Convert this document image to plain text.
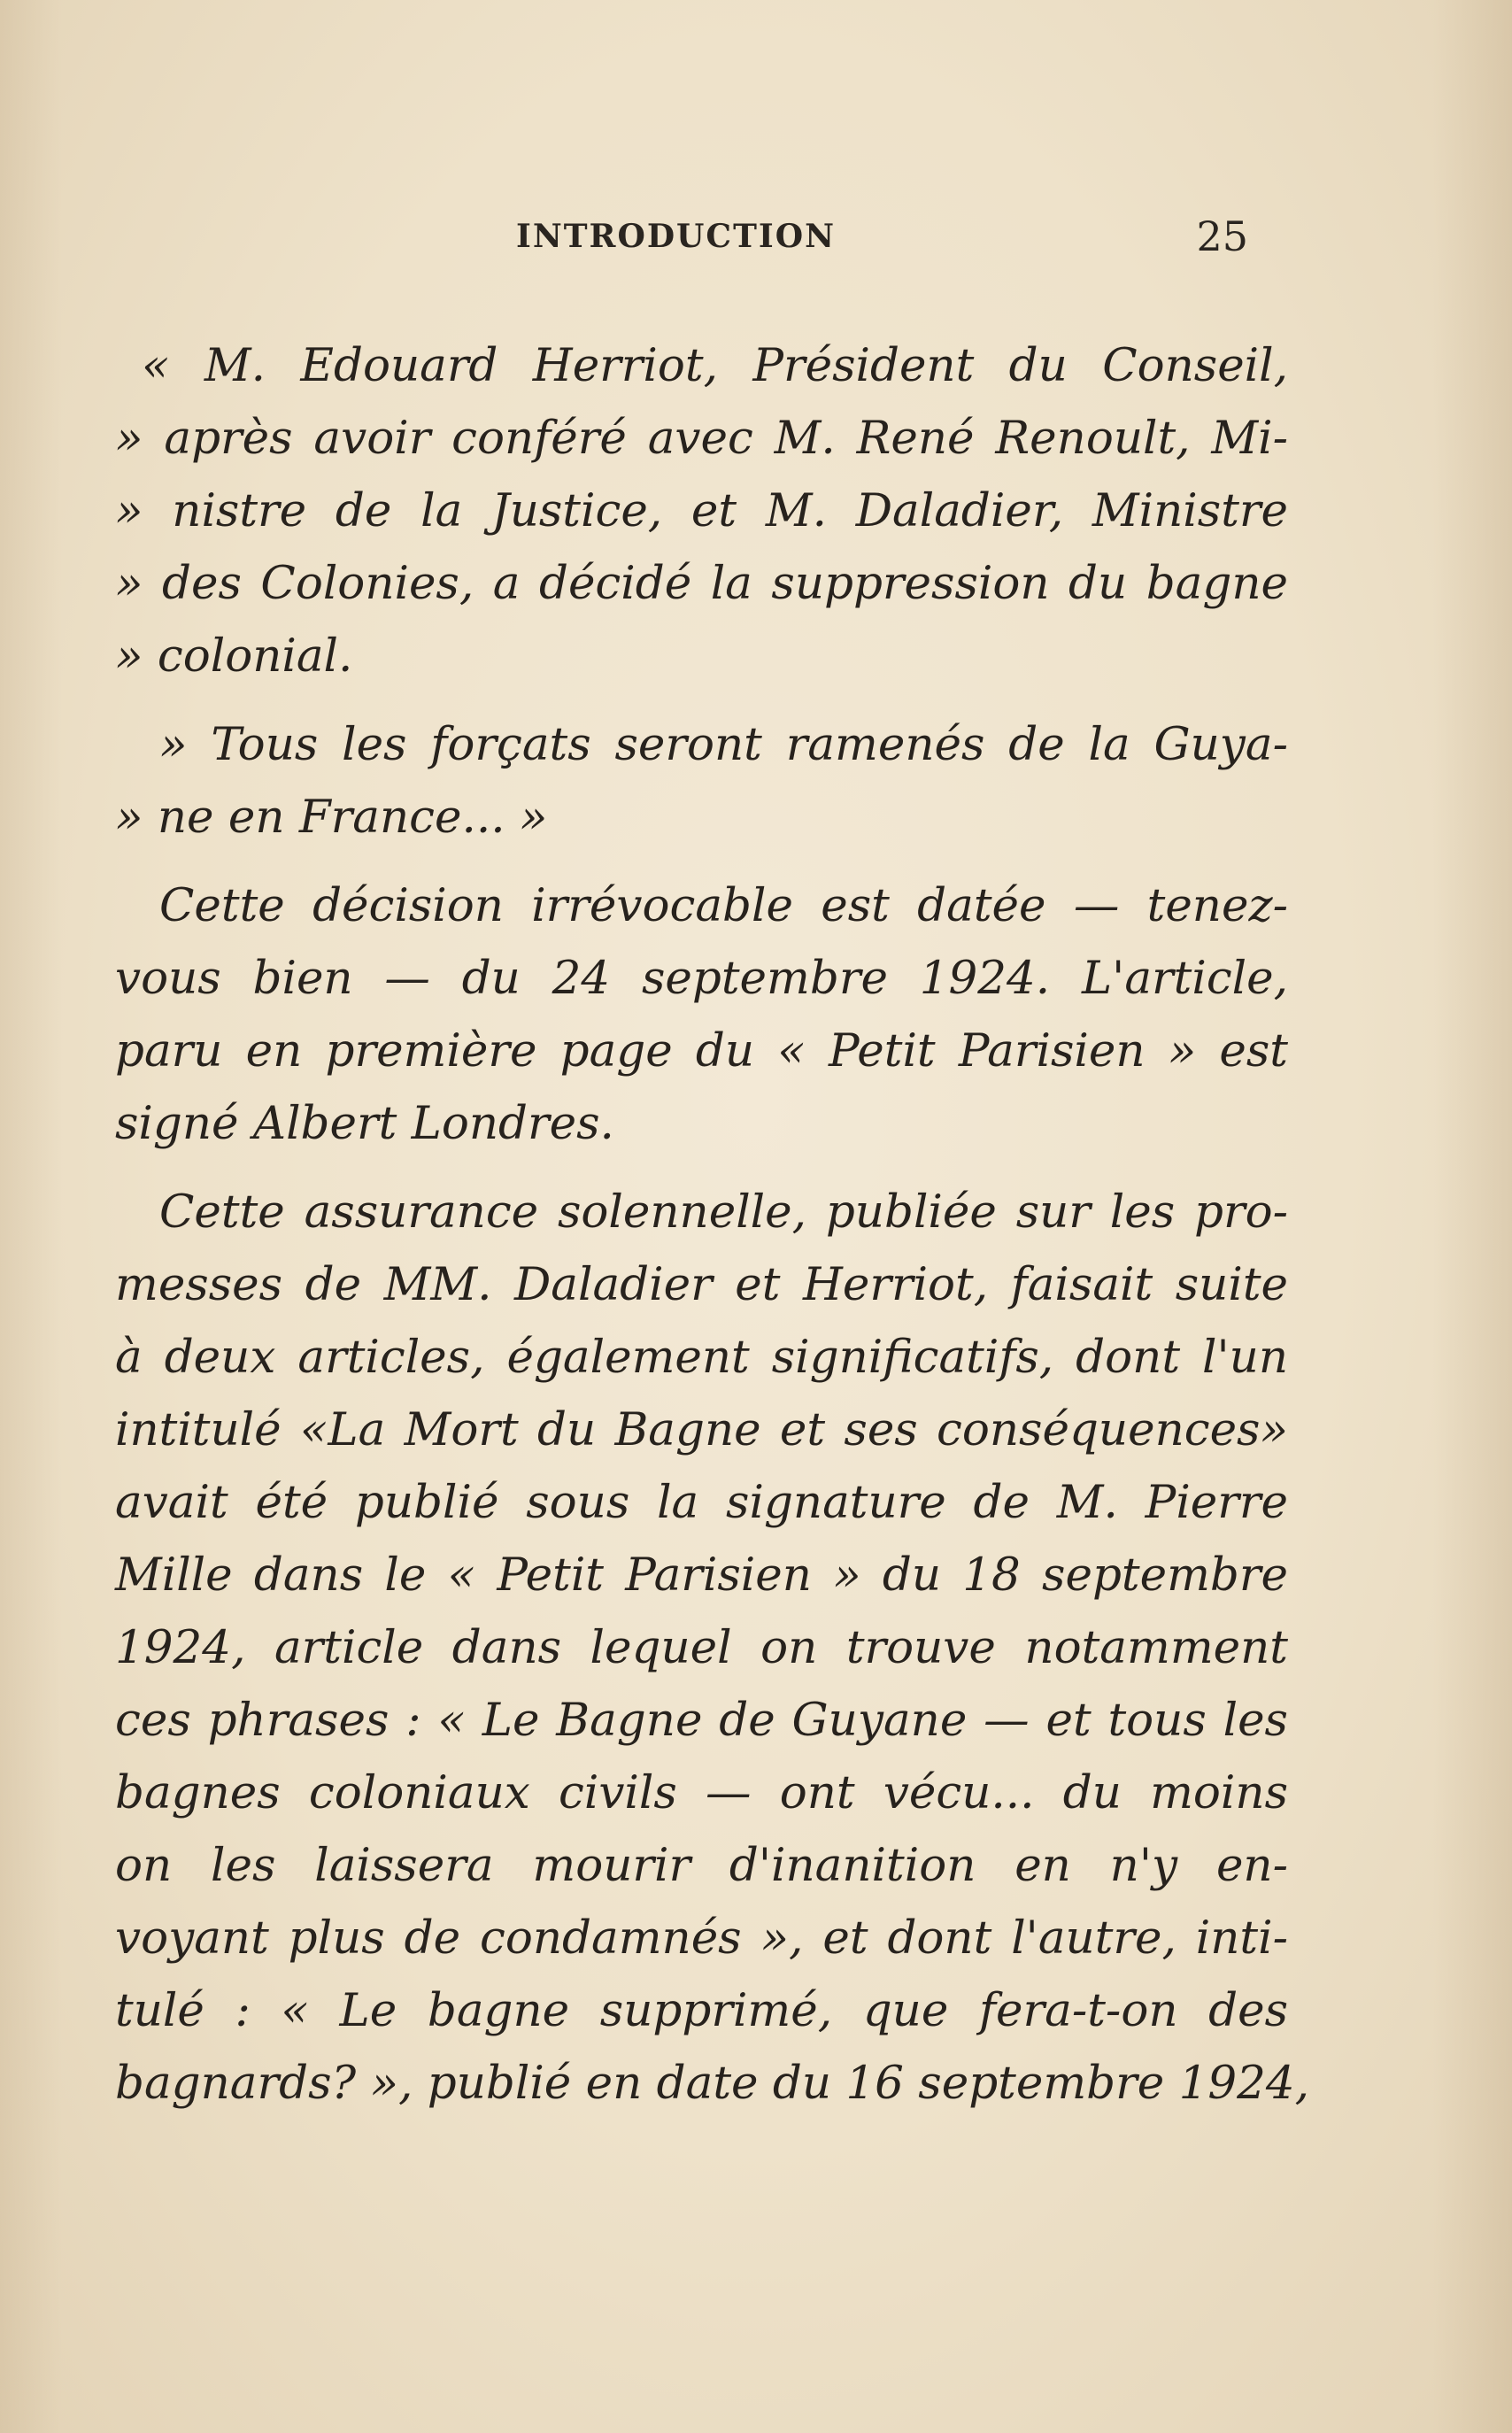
INTRODUCTION	25
« M. Edouard Herriot, Président du Conseil,
» après avoir conféré avec M. René Renoult, Mi-
» nistre de la Justice, et M. Daladier, Ministre
» des Colonies, a décidé la suppression du bagne
» colonial.
» Tous les forçats seront ramenés de la Guya-
» ne en France... »
Cette décision irrévocable est datée — tenez-
vous bien — du 24 septembre 1924. L'article,
paru en première page du « Petit Parisien » est
signé Albert Londres.
Cette assurance solennelle, publiée sur les pro-
messes de MM. Daladier et Herriot, faisait suite
à deux articles, également significatifs, dont l'un
intitulé «La Mort du Bagne et ses conséquences»
avait été publié sous la signature de M. Pierre
Mille dans le « Petit Parisien » du 18 septembre
1924, article dans lequel on trouve notamment
ces phrases : « Le Bagne de Guyane — et tous les
bagnes coloniaux civils — ont vécu... du moins
on les laissera mourir d'inanition en n'y en-
voyant plus de condamnés », et dont l'autre, inti-
tulé : « Le bagne supprimé, que fera-t-on des
bagnards? », publié en date du 16 septembre 1924,
